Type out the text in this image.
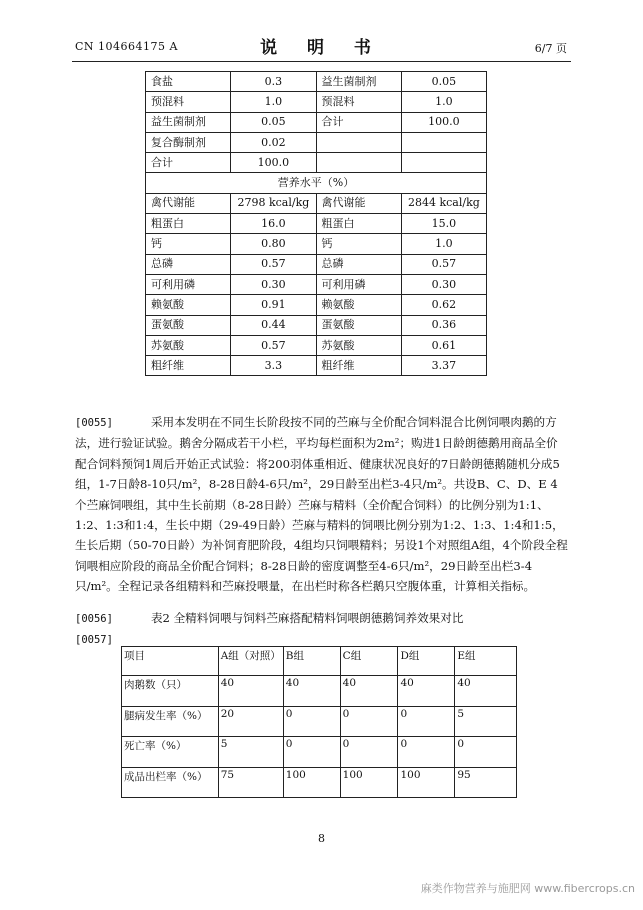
CN 104664175 A	说 明 书	6/7 页
食盐	0.3	益生菌制剂	0.05
预混料	1.0	预混料	1.0
益生菌制剂	0.05	合计	100.0
复合酶制剂	0.02		
合计	100.0		
营养水平（%）			
禽代谢能	2798 kcal/kg	禽代谢能	2844 kcal/kg
粗蛋白	16.0	粗蛋白	15.0
钙	0.80	钙	1.0
总磷	0.57	总磷	0.57
可利用磷	0.30	可利用磷	0.30
赖氨酸	0.91	赖氨酸	0.62
蛋氨酸	0.44	蛋氨酸	0.36
苏氨酸	0.57	苏氨酸	0.61
粗纤维	3.3	粗纤维	3.37
[0055]	采用本发明在不同生长阶段按不同的苎麻与全价配合饲料混合比例饲喂肉鹅的方法，进行验证试验。鹅舍分隔成若干小栏，平均每栏面积为2m²；购进1日龄朗德鹅用商品全价配合饲料预饲1周后开始正式试验：将200羽体重相近、健康状况良好的7日龄朗德鹅随机分成5组，1-7日龄8-10只/m²，8-28日龄4-6只/m²，29日龄至出栏3-4只/m²。共设B、C、D、E 4个苎麻饲喂组，其中生长前期（8-28日龄）苎麻与精料（全价配合饲料）的比例分别为1:1、1:2、1:3和1:4，生长中期（29-49日龄）苎麻与精料的饲喂比例分别为1:2、1:3、1:4和1:5，生长后期（50-70日龄）为补饲育肥阶段，4组均只饲喂精料；另设1个对照组A组，4个阶段全程饲喂相应阶段的商品全价配合饲料；8-28日龄的密度调整至4-6只/m²，29日龄至出栏3-4只/m²。全程记录各组精料和苎麻投喂量，在出栏时称各栏鹅只空腹体重，计算相关指标。
[0056]	表2 全精料饲喂与饲料苎麻搭配精料饲喂朗德鹅饲养效果对比
[0057]
项目	A组（对照）	B组	C组	D组	E组
肉鹅数（只）	40	40	40	40	40
腿病发生率（%）	20	0	0	0	5
死亡率（%）	5	0	0	0	0
成品出栏率（%）	75	100	100	100	95
8
麻类作物营养与施肥网 www.fibercrops.cn
